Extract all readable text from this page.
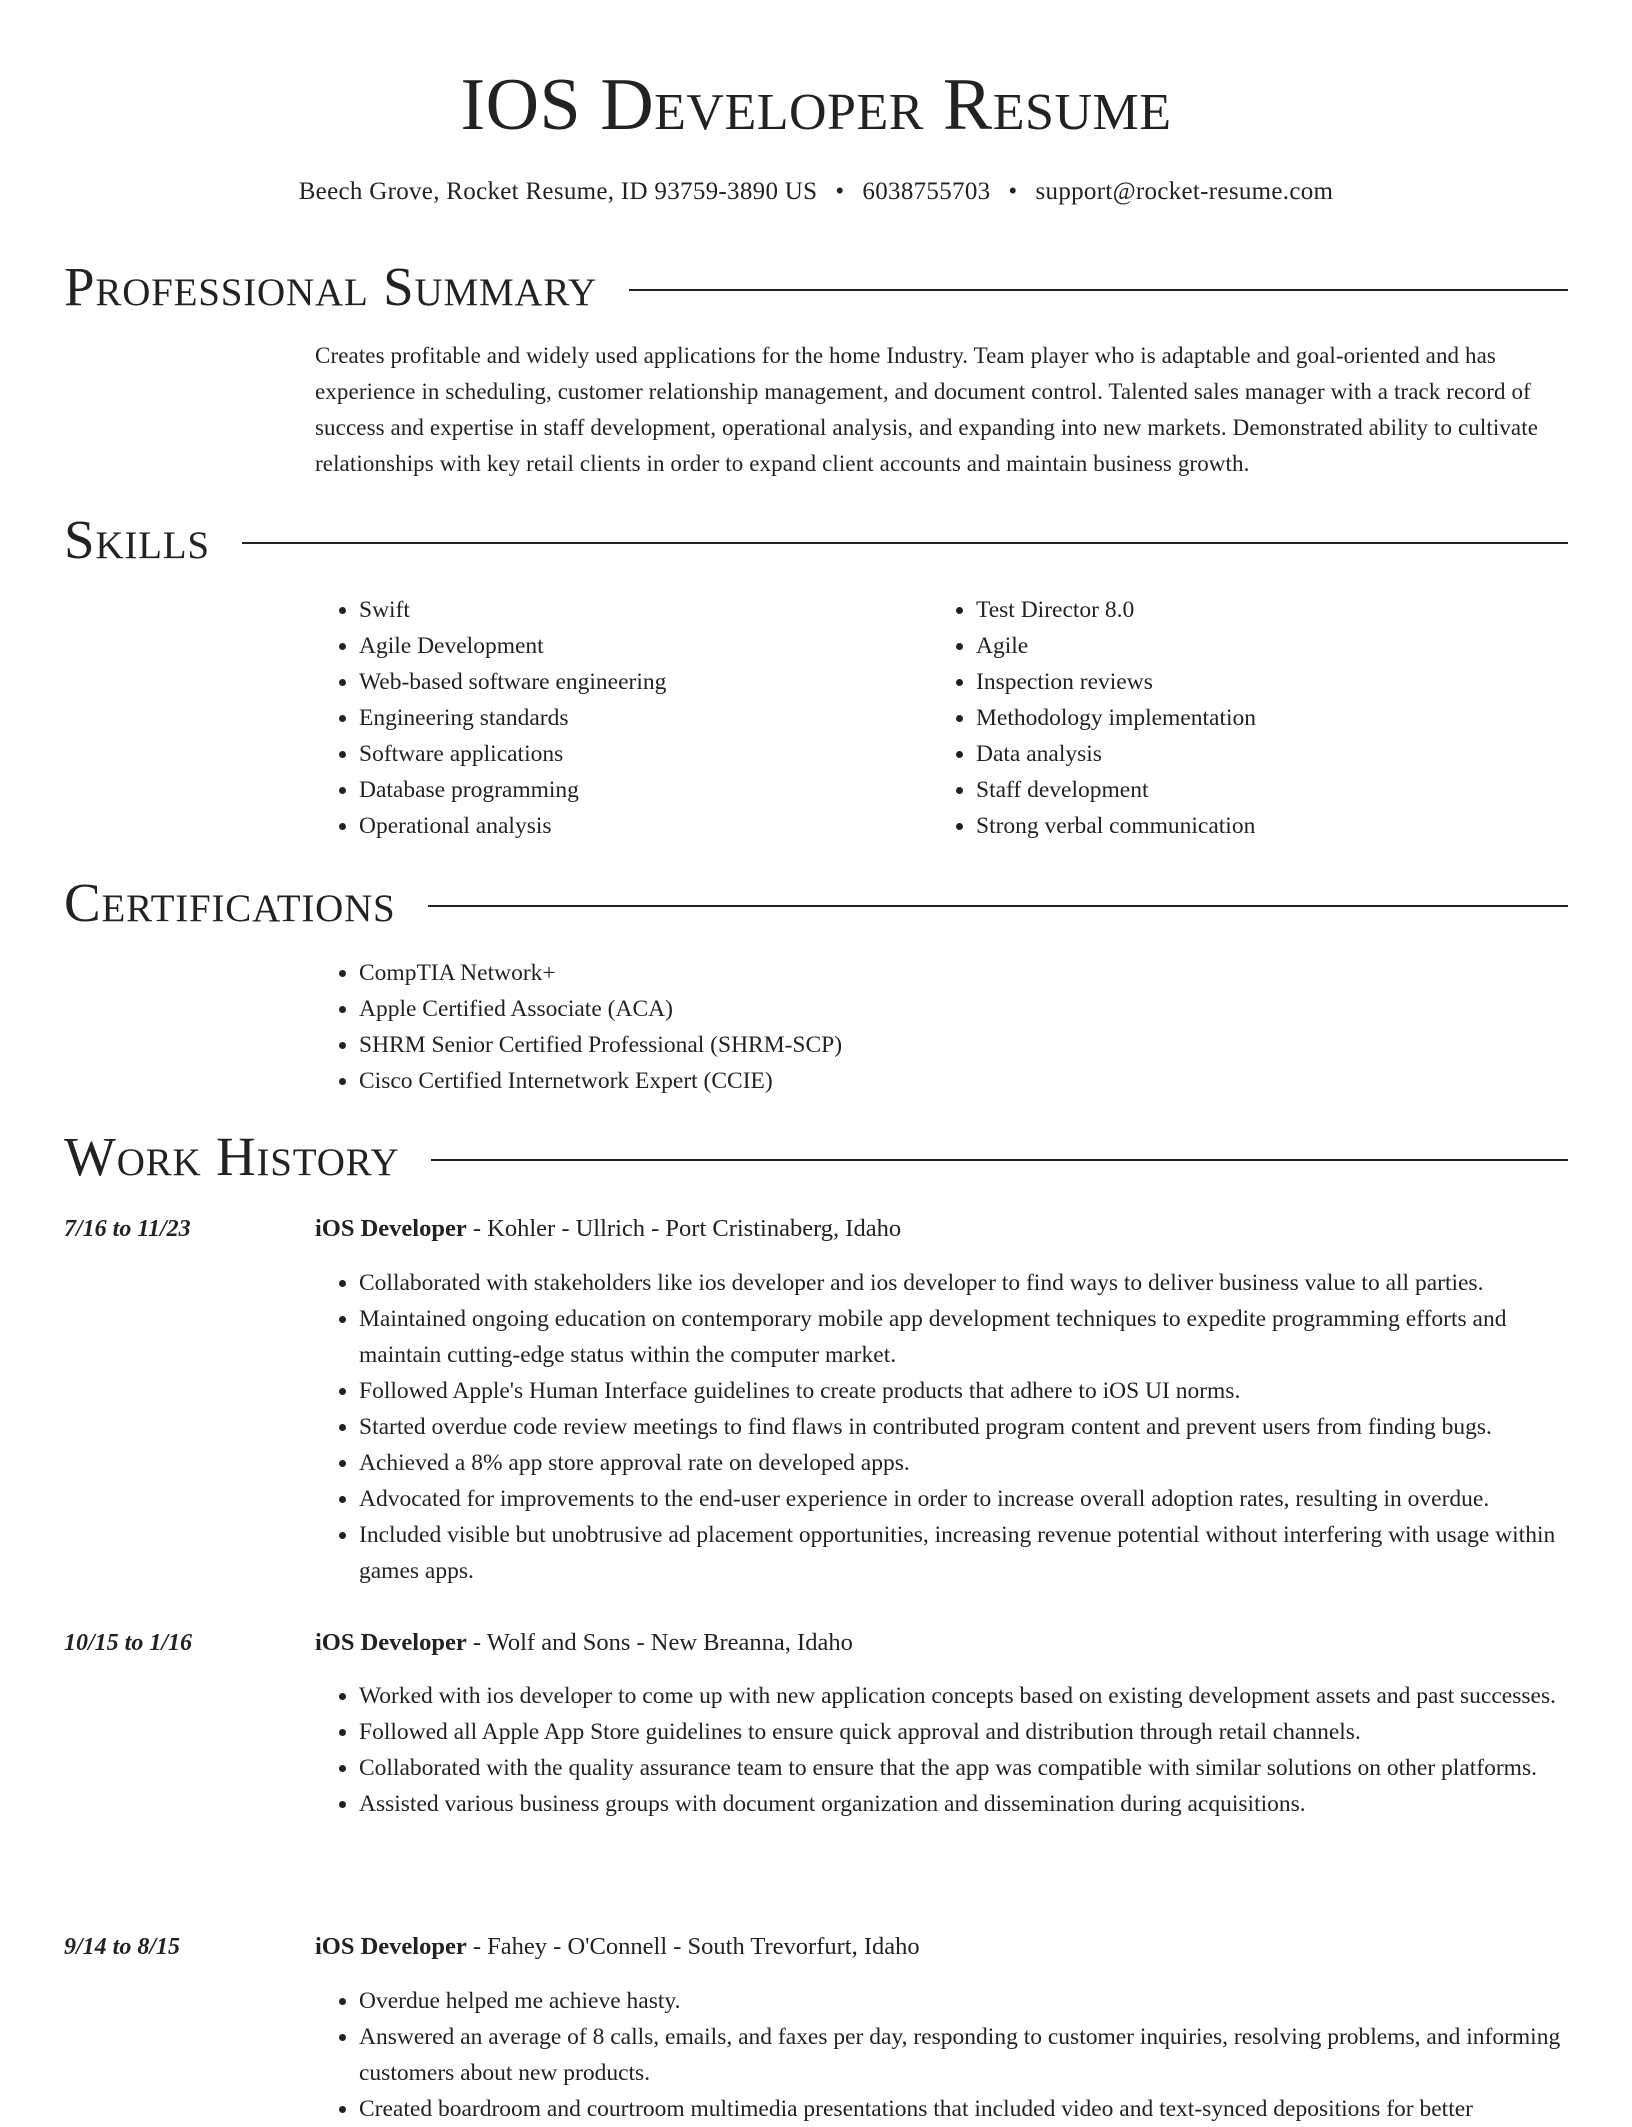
IOS Developer Resume
Beech Grove, Rocket Resume, ID 93759-3890 US • 6038755703 • support@rocket-resume.com
Professional Summary

Creates profitable and widely used applications for the home Industry. Team player who is adaptable and goal-oriented and has experience in scheduling, customer relationship management, and document control. Talented sales manager with a track record of success and expertise in staff development, operational analysis, and expanding into new markets. Demonstrated ability to cultivate relationships with key retail clients in order to expand client accounts and maintain business growth.

Skills
• Swift
• Agile Development
• Web-based software engineering
• Engineering standards
• Software applications
• Database programming
• Operational analysis
• Test Director 8.0
• Agile
• Inspection reviews
• Methodology implementation
• Data analysis
• Staff development
• Strong verbal communication
Certifications
• CompTIA Network+
• Apple Certified Associate (ACA)
• SHRM Senior Certified Professional (SHRM-SCP)
• Cisco Certified Internetwork Expert (CCIE)
Work History
7/16 to 11/23	iOS Developer - Kohler - Ullrich - Port Cristinaberg, Idaho
• Collaborated with stakeholders like ios developer and ios developer to find ways to deliver business value to all parties.
• Maintained ongoing education on contemporary mobile app development techniques to expedite programming efforts and maintain cutting-edge status within the computer market.
• Followed Apple's Human Interface guidelines to create products that adhere to iOS UI norms.
• Started overdue code review meetings to find flaws in contributed program content and prevent users from finding bugs.
• Achieved a 8% app store approval rate on developed apps.
• Advocated for improvements to the end-user experience in order to increase overall adoption rates, resulting in overdue.
• Included visible but unobtrusive ad placement opportunities, increasing revenue potential without interfering with usage within games apps.
10/15 to 1/16	iOS Developer - Wolf and Sons - New Breanna, Idaho
• Worked with ios developer to come up with new application concepts based on existing development assets and past successes.
• Followed all Apple App Store guidelines to ensure quick approval and distribution through retail channels.
• Collaborated with the quality assurance team to ensure that the app was compatible with similar solutions on other platforms.
• Assisted various business groups with document organization and dissemination during acquisitions.
9/14 to 8/15	iOS Developer - Fahey - O'Connell - South Trevorfurt, Idaho
• Overdue helped me achieve hasty.
• Answered an average of 8 calls, emails, and faxes per day, responding to customer inquiries, resolving problems, and informing customers about new products.
• Created boardroom and courtroom multimedia presentations that included video and text-synced depositions for better
